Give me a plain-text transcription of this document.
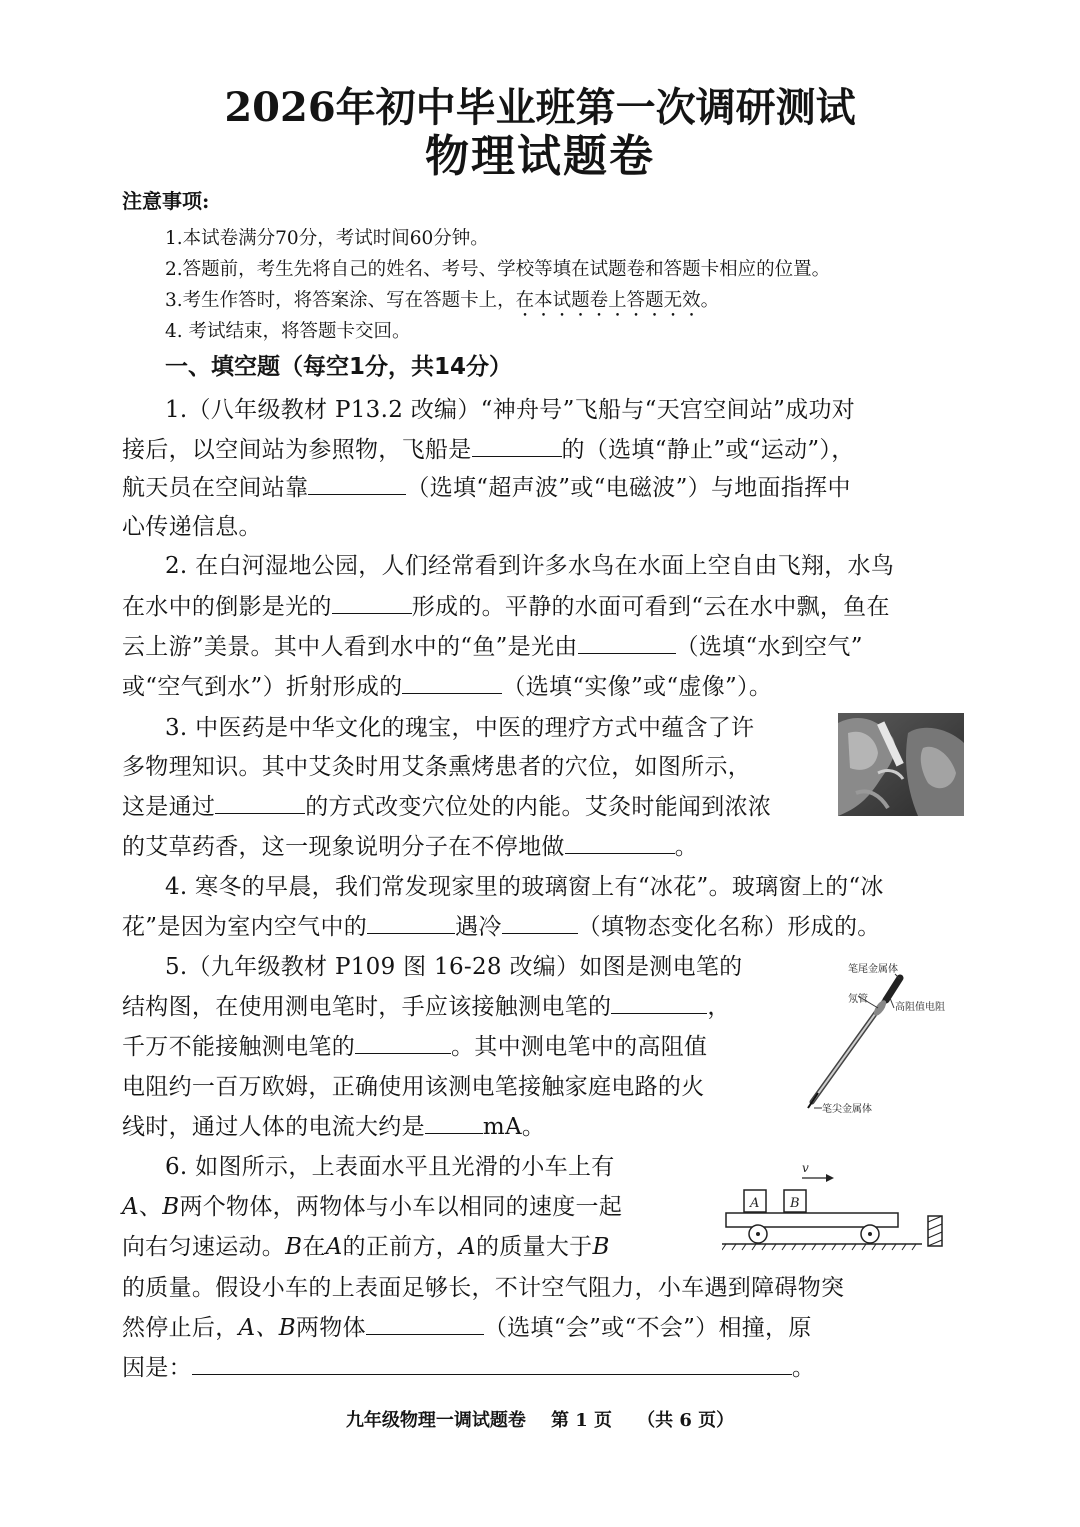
2026年初中毕业班第一次调研测试
物理试题卷
注意事项:
1.本试卷满分70分，考试时间60分钟。
2.答题前，考生先将自己的姓名、考号、学校等填在试题卷和答题卡相应的位置。
3.考生作答时，将答案涂、写在答题卡上，在本试题卷上答题无效。
4. 考试结束，将答题卡交回。
一、填空题（每空1分，共14分）
1.（八年级教材 P13.2 改编）“神舟号”飞船与“天宫空间站”成功对
接后，以空间站为参照物，飞船是	的（选填“静止”或“运动”），
航天员在空间站靠	（选填“超声波”或“电磁波”）与地面指挥中
心传递信息。
2. 在白河湿地公园，人们经常看到许多水鸟在水面上空自由飞翔，水鸟
在水中的倒影是光的	形成的。平静的水面可看到“云在水中飘，鱼在
云上游”美景。其中人看到水中的“鱼”是光由	（选填“水到空气”
或“空气到水”）折射形成的	（选填“实像”或“虚像”）。
3. 中医药是中华文化的瑰宝，中医的理疗方式中蕴含了许
多物理知识。其中艾灸时用艾条熏烤患者的穴位，如图所示，
这是通过	的方式改变穴位处的内能。艾灸时能闻到浓浓
的艾草药香，这一现象说明分子在不停地做	。
4. 寒冬的早晨，我们常发现家里的玻璃窗上有“冰花”。玻璃窗上的“冰
花”是因为室内空气中的	遇冷	（填物态变化名称）形成的。
5.（九年级教材 P109 图 16-28 改编）如图是测电笔的
结构图，在使用测电笔时，手应该接触测电笔的	，
千万不能接触测电笔的	。其中测电笔中的高阻值
电阻约一百万欧姆，正确使用该测电笔接触家庭电路的火
线时，通过人体的电流大约是	mA。
笔尾金属体
氖管
高阻值电阻
笔尖金属体
6. 如图所示，上表面水平且光滑的小车上有
A、B两个物体，两物体与小车以相同的速度一起
向右匀速运动。B在A的正前方，A的质量大于B
的质量。假设小车的上表面足够长，不计空气阻力，小车遇到障碍物突
然停止后，A、B两物体	（选填“会”或“不会”）相撞，原
因是：	。
v
A B
九年级物理一调试题卷    第 1 页    （共 6 页）
